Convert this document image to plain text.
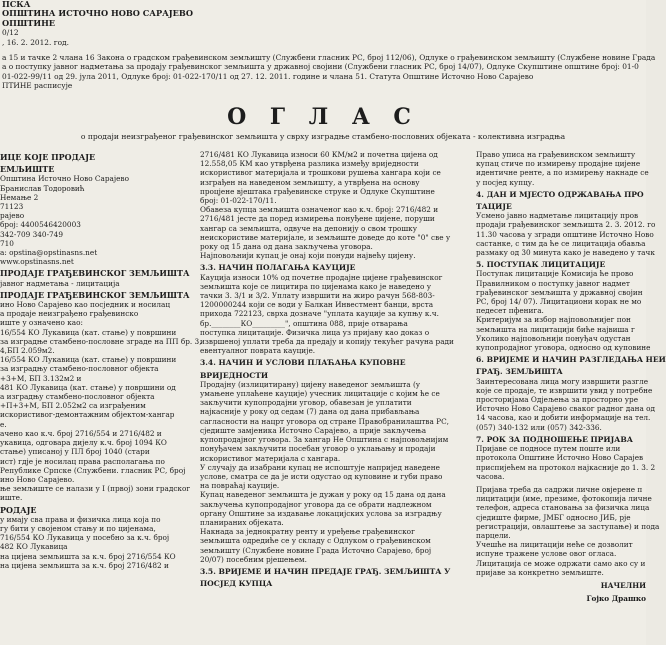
ПСКА
ОПШТИНА ИСТОЧНО НОВО САРАЈЕВО
ОПШТИНЕ
0/12
, 16. 2. 2012. год.
а 15 и тачке 2 члана 16 Закона о градском грађевинском земљишту (Службени гласник РС, број 112/06), Одлуке о грађевинском земљишту (Службене новине Града
а о поступку јавног надметања за продају грађевинског земљишта у државној својини (Службени гласник РС, број 14/07), Одлуке Скупштине општине број: 01-0
01-022-99/11 од 29. јула 2011, Одлуке број: 01-022-170/11 од 27. 12. 2011. године и члана 51. Статута Општине Источно Ново Сарајево
ПТИНЕ расписује
О Г Л А С
о продаји неизграђеног грађевинског земљишта у сврху изградње стамбено-пословних објеката - колективна изградња
ИЦЕ КОЈЕ ПРОДАЈЕ
ЕМЉИШТЕ
Општина Источно Ново Сарајево
Бранислав Тодоровић
Немање 2
71123
рајево
број: 4400546420003
342-709 340-749
710
a: opstina@opstinasns.net
www.opstinasns.net
ПРОДАЈЕ ГРАЂЕВИНСКОГ ЗЕМЉИШТА
јавног надметања - лицитација
ПРОДАЈЕ ГРАЂЕВИНСКОГ ЗЕМЉИШТА
ино Ново Сарајево као посједник и носилац
а продаје неизграђено грађевинско
иште у означено као:
16/554 КО Лукавица (кат. стање) у површини
за изградње стамбено-пословне зграде на ПП бр. 3,
4,БП 2.059м2.
16/554 КО Лукавица (кат. стање) у површини
за изградњу стамбено-пословног објекта
+3+М, БП 3.132м2 и
481 КО Лукавица (кат. стање) у површини од
а изградњу стамбено-пословног објекта
+П+3+М, БП 2.052м2 са изграђеним
искористивог-демонтажним објектом-хангар
е.
ачено као к.ч. број 2716/554 и 2716/482 и
укавица, одговара дијелу к.ч. број 1094 КО
стање) уписаној у ПЛ број 1040 (стари
ист) гдје је носилац права располагања по
Републике Српске (Службени. гласник РС, број
ино Ново Сарајево.
ње земљиште се налази у I (првој) зони градског
иште.
РОДАЈЕ
у имају сва права и физичка лица која по
гу бити у својеном стању и по цијенама,
716/554 КО Лукавица у посебно за к.ч. број
482 КО Лукавица
на цијена земљишта за к.ч. број 2716/554 КО
на цијена земљишта за к.ч. број 2716/482 и
2716/481 КО Лукавица износи 60 КМ/м2 и почетна цијена од
12.558,05 КМ као утврђена разлика између вриједности
искористивог материјала и трошкови рушења хангара који се
изграђен на наведеном земљишту, а утврђена на основу
процјене вјештака грађевинске струке и Одлуке Скупштине
број: 01-022-170/11.
Обавеза купца земљишта означеног као к.ч. број: 2716/482 и
2716/481 јесте да поред измирења понуђене цијене, поруши
хангар са земљишта, одвуче на депонију о свом трошку
неискористиве материјале, и земљиште доведе до коте "0" све у
року од 15 дана од дана закључења уговора.
Најповољнији купац је онај који понуди највећу цијену.
3.3. НАЧИН ПОЛАГАЊА КАУЦИЈЕ
Кауција износи 10% од почетне продајне цијене грађевинског
земљишта које се лицитира по цијенама како је наведено у
тачки 3. 3/1 и 3/2. Уплату извршити на жиро рачун 568-803-
1200000244 који се води у Балкан Инвестмент банци, врста
прихода 722123, сврха дозначе "уплата кауције за купњу к.ч.
бр.________КО_________", општина 088, прије отварања
поступка лицитације. Физичка лица уз пријаву као доказ о
извршеној уплати треба да предају и копију текућег рачуна ради
евентуалног поврата кауције.
3.4. НАЧИН И УСЛОВИ ПЛАЋАЊА КУПОВНЕ
ВРИЈЕДНОСТИ
Продајну (излицитирану) цијену наведеног земљишта (у
умањене уплаћене кауције) учесник лицитације с којим ће се
закључити купопродајни уговор, обавезан је уплатити
најкасније у року од седам (7) дана од дана прибављања
сагласности на нацрт уговора од стране Правобранилаштва РС,
сједиште замјеника Источно Сарајево, а прије закључења
купопродајног уговора. За хангар Не Општина с најповољнијим
понуђачем закључити посебан уговор о уклањању и продаји
искористивог материјала с хангара.
У случају да изабрани купац не испоштује напријед наведене
услове, сматра се да је исти одустао од куповине и губи право
на повраћај кауције.
Купац наведеног земљишта је дужан у року од 15 дана од дана
закључења купопродајног уговора да се обрати надлежном
органу Општине за издавање локацијских услова за изградњу
планираних објеката.
Накнада за једнократну ренту и уређење грађевинског
земљишта одредиће се у складу с Одлуком о грађевинском
земљишту (Службене новине Града Источно Сарајево, број
20/07) посебним рјешењем.
3.5. ВРИЈЕМЕ И НАЧИН ПРЕДАЈЕ ГРАЂ. ЗЕМЉИШТА У
ПОСЈЕД КУПЦА
Право уписа на грађевинском земљишту
купац стиче по измирењу продајне цијене
идентичне ренте, а по измирењу накнаде се
у посјед купцу.
4. ДАН И МЈЕСТО ОДРЖАВАЊА ПРО
ТАЦИЈЕ
Усмено јавно надметање лицитацију пров
продаји грађевинског земљишта 2. 3. 2012. го
11.30 часова у згради општине Источно Ново
састанке, с тим да ће се лицитација обавља
размаку од 30 минута како је наведено у тачк
5. ПОСТУПАК ЛИЦИТАЦИЈЕ
Поступак лицитације Комисија ће прово
Правилником о поступку јавног надмет
грађевинског земљишта у државној својин
РС, број 14/ 07). Лицитациони корак не мо
педесет пфенига.
Критеријум за избор најповољнијег пон
земљишта на лицитацији биће највиша г
Уколико најповољнији понуђач одустан
купопродајног уговора, односно од куповине
6. ВРИЈЕМЕ И НАЧИН РАЗГЛЕДАЊА НЕИ
ГРАЂ. ЗЕМЉИШТА
Заинтересована лица могу извршити разгле
које се продаје, те извршити увид у потребне
просторијама Одјељења за просторно уре
Источно Ново Сарајево сваког радног дана од
14 часова, као и добити информације на тел.
(057) 340-132 или (057) 342-336.
7. РОК ЗА ПОДНОШЕЊЕ ПРИЈАВА
Пријаве се подносе путем поште или
протокола Општине Источно Ново Сарајев
приспијећем на протокол најкасније до 1. 3. 2
часова.
Пријава треба да садржи личне овјерене п
лицитацији (име, презиме, фотокопија личне
телефон, адреса становања за физичка лица
сједиште фирме, ЈМБГ односно ЈИБ, рје
регистрацији, овлаштење за заступање) и пода
парцели.
Учешће на лицитацији неће се дозволит
испуне тражене услове овог огласа.
Лицитација се може одржати само ако су и
пријаве за конкретно земљиште.
НАЧЕЛНИ
Гојко Драшко
